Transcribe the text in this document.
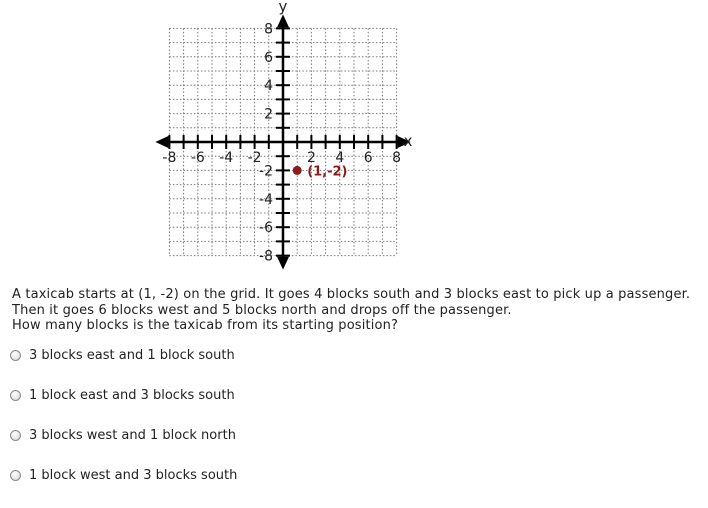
-8
-8
-6
-6
-4
-4
-2
-2
2
2
4
4
6
6
8
8
x
y
(1,-2)
A taxicab starts at (1, -2) on the grid. It goes 4 blocks south and 3 blocks east to pick up a passenger.
Then it goes 6 blocks west and 5 blocks north and drops off the passenger.
How many blocks is the taxicab from its starting position?
3 blocks east and 1 block south
1 block east and 3 blocks south
3 blocks west and 1 block north
1 block west and 3 blocks south
